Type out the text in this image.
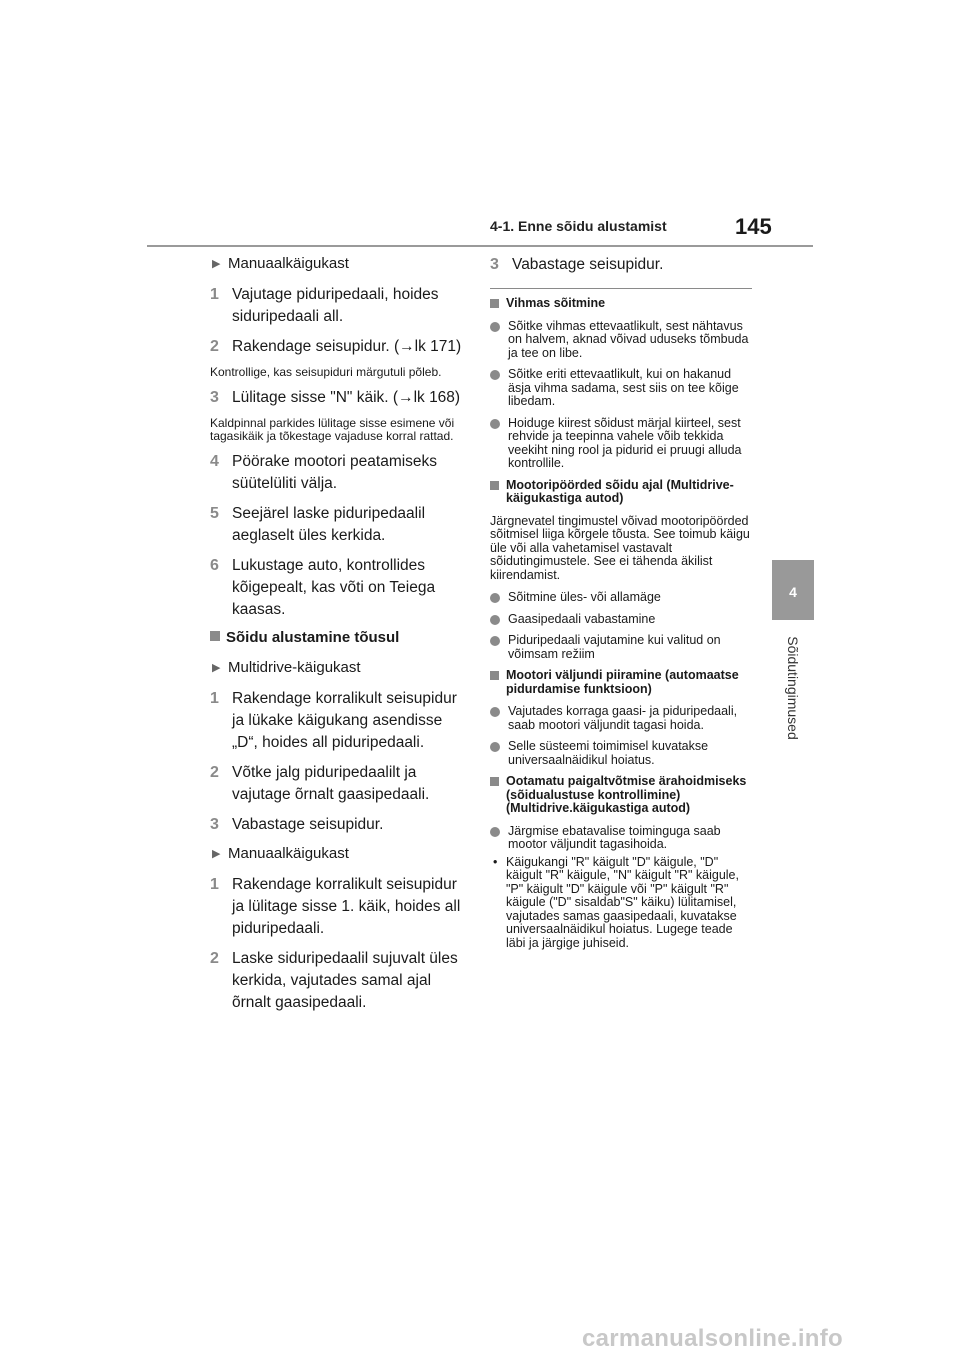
4-1. Enne sõidu alustamist	145
4
Sõidutingimused
▶ Manuaalkäigukast
1 Vajutage piduripedaali, hoides siduripedaali all.
2 Rakendage seisupidur. (→lk 171)
Kontrollige, kas seisupiduri märgutuli põleb.
3 Lülitage sisse "N" käik. (→lk 168)
Kaldpinnal parkides lülitage sisse esimene või tagasikäik ja tõkestage vajaduse korral rattad.
4 Pöörake mootori peatamiseks süütelüliti välja.
5 Seejärel laske piduripedaalil aeglaselt üles kerkida.
6 Lukustage auto, kontrollides kõigepealt, kas võti on Teiega kaasas.
Sõidu alustamine tõusul
▶ Multidrive-käigukast
1 Rakendage korralikult seisupidur ja lükake käigukang asendisse „D“, hoides all piduripedaali.
2 Võtke jalg piduripedaalilt ja vajutage õrnalt gaasipedaali.
3 Vabastage seisupidur.
▶ Manuaalkäigukast
1 Rakendage korralikult seisupidur ja lülitage sisse 1. käik, hoides all piduripedaali.
2 Laske siduripedaalil sujuvalt üles kerkida, vajutades samal ajal õrnalt gaasipedaali.
3 Vabastage seisupidur.
Vihmas sõitmine
Sõitke vihmas ettevaatlikult, sest nähtavus on halvem, aknad võivad udusеks tõmbuda ja tee on libe.
Sõitke eriti ettevaatlikult, kui on hakanud äsja vihma sadama, sest siis on tee kõige libedam.
Hoiduge kiirest sõidust märjal kiirteel, sest rehvide ja teepinna vahele võib tekkida veekiht ning rool ja pidurid ei pruugi alluda kontrollile.
Mootoripöörded sõidu ajal (Multidrive-käigukastiga autod)
Järgnevatel tingimustel võivad mootoripöörded sõitmisel liiga kõrgele tõusta. See toimub käigu üle või alla vahetamisel vastavalt sõidutingimustele. See ei tähenda äkilist kiirendamist.
Sõitmine üles- või allamäge
Gaasipedaali vabastamine
Piduripedaali vajutamine kui valitud on võimsam režiim
Mootori väljundi piiramine (automaatse pidurdamise funktsioon)
Vajutades korraga gaasi- ja piduripedaali, saab mootori väljundit tagasi hoida.
Selle süsteemi toimimisel kuvatakse universaalnäidikul hoiatus.
Ootamatu paigaltvõtmise ärahoidmiseks (sõidualustuse kontrollimine) (Multidrive.käigukastiga autod)
Järgmise ebatavalise toiminguga saab mootor väljundit tagasihoida.
• Käigukangi "R" käigult "D" käigule, "D" käigult "R" käigule, "N" käigult "R" käigule, "P" käigult "D" käigule või "P" käigult "R" käigule ("D" sisaldab"S" käiku) lülitamisel, vajutades samas gaasipedaali, kuvatakse universaalnäidikul hoiatus. Lugege teade läbi ja järgige juhiseid.
carmanualsonline.info
